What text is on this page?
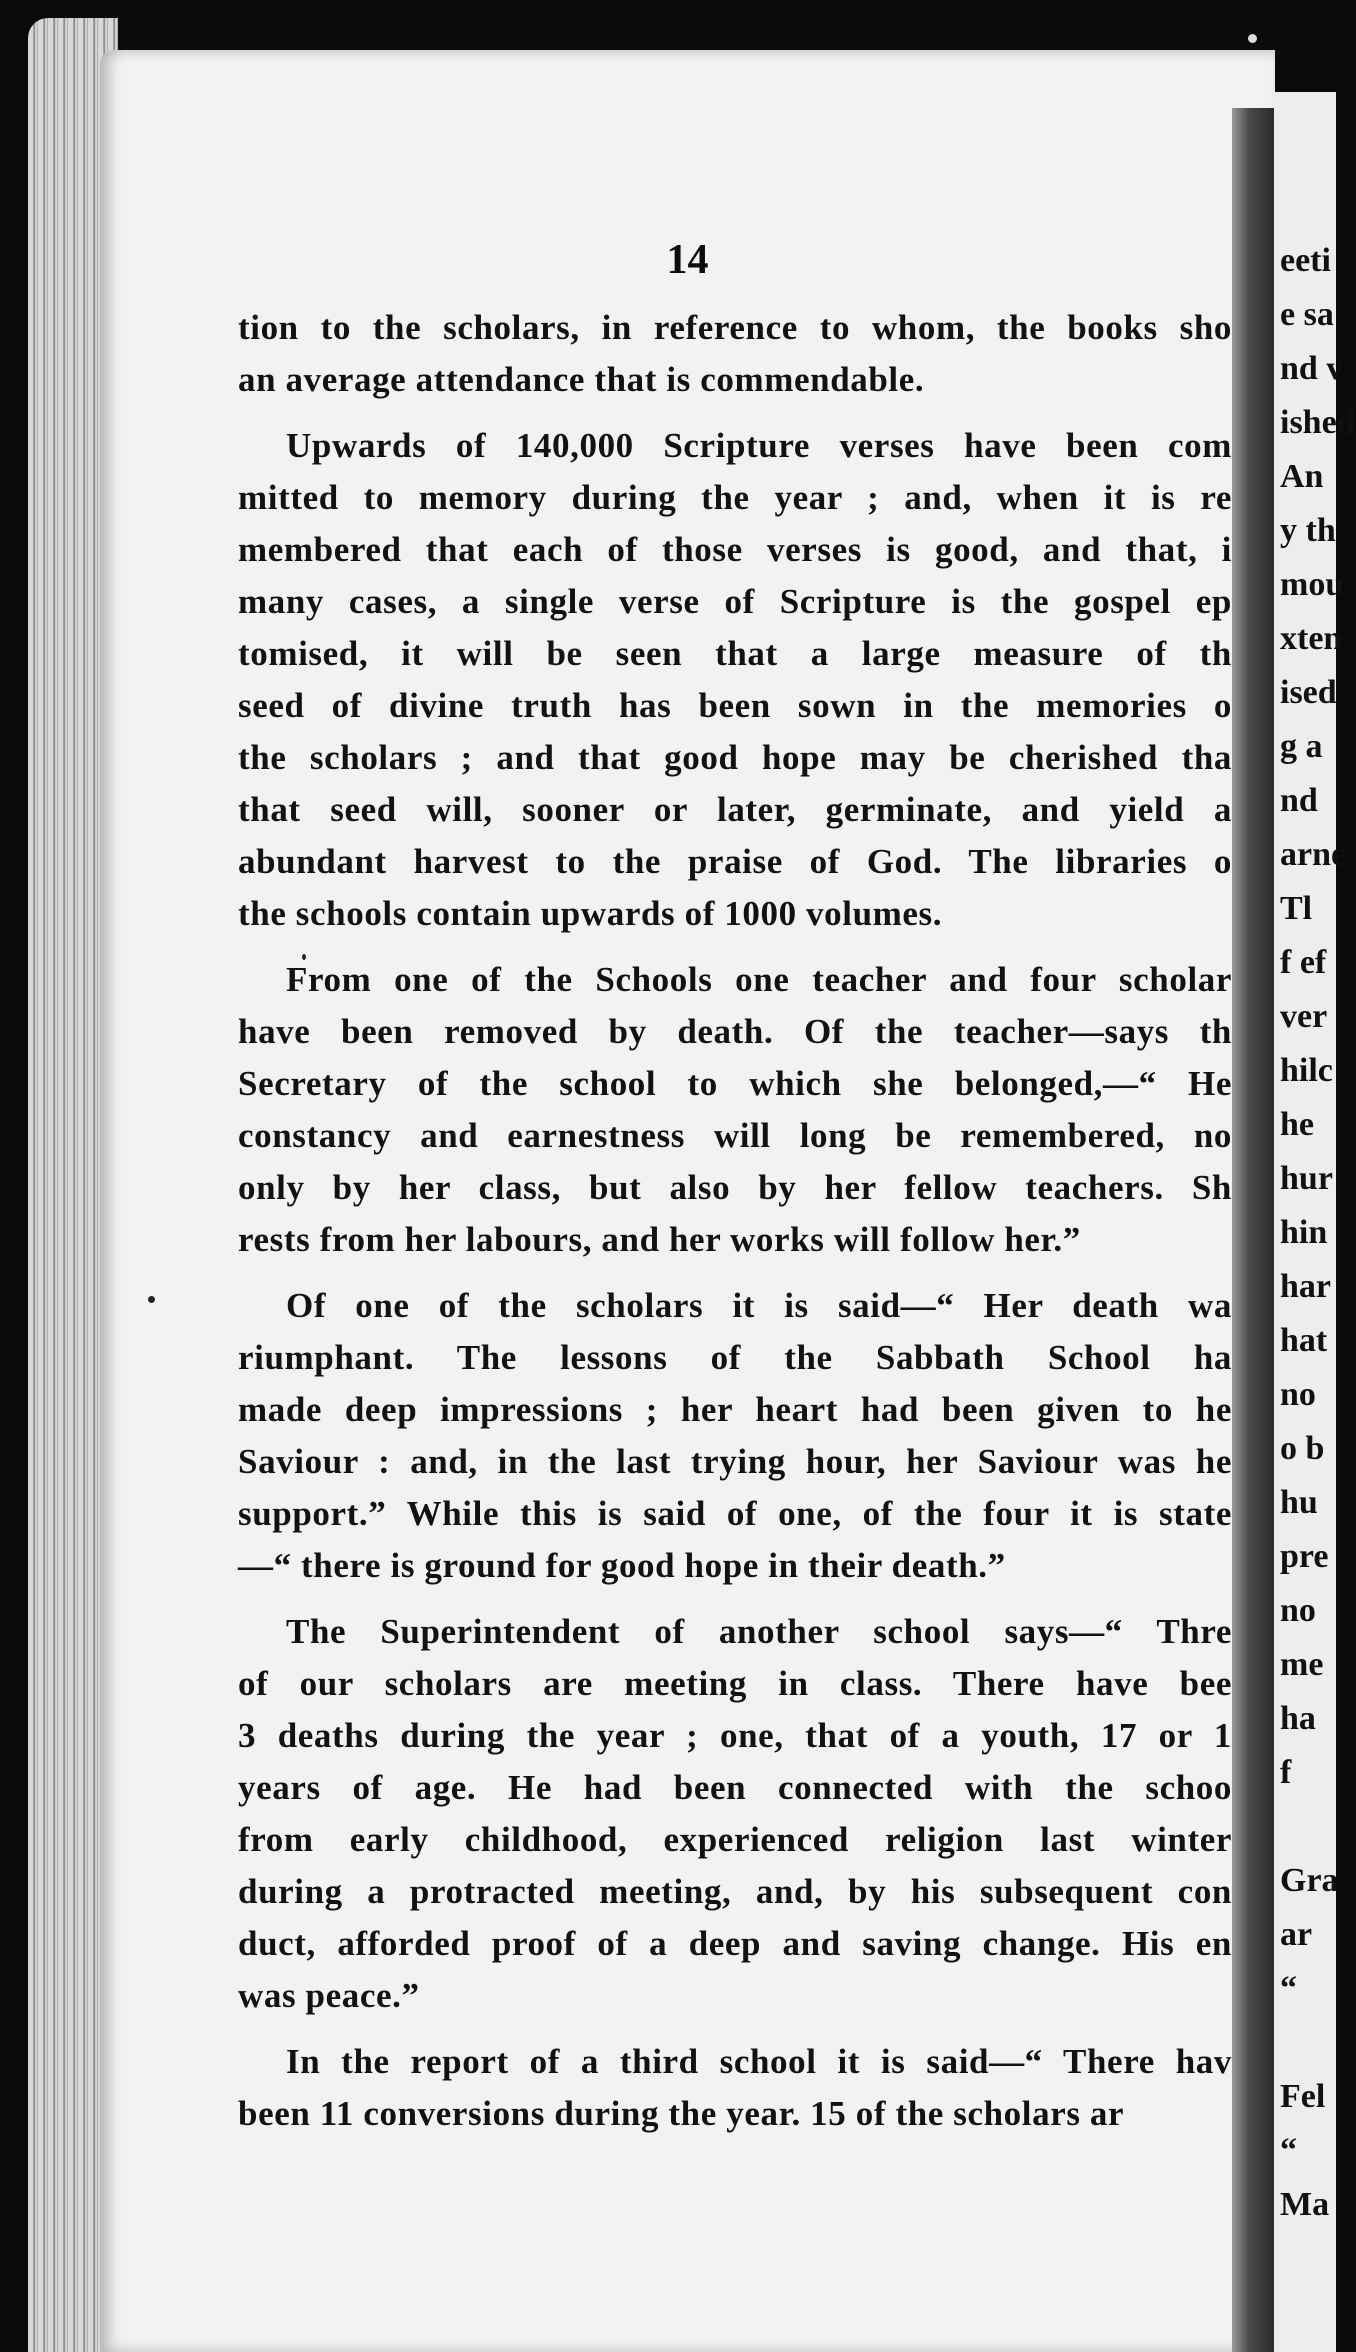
14
tion to the scholars, in reference to whom, the books sho
an average attendance that is commendable.
Upwards of 140,000 Scripture verses have been com
mitted to memory during the year ; and, when it is re
membered that each of those verses is good, and that, i
many cases, a single verse of Scripture is the gospel ep
tomised, it will be seen that a large measure of th
seed of divine truth has been sown in the memories o
the scholars ; and that good hope may be cherished tha
that seed will, sooner or later, germinate, and yield a
abundant harvest to the praise of God. The libraries o
the schools contain upwards of 1000 volumes.
From one of the Schools one teacher and four scholar
have been removed by death. Of the teacher—says th
Secretary of the school to which she belonged,—“ He
constancy and earnestness will long be remembered, no
only by her class, but also by her fellow teachers. Sh
rests from her labours, and her works will follow her.”
Of one of the scholars it is said—“ Her death wa
riumphant. The lessons of the Sabbath School ha
made deep impressions ; her heart had been given to he
Saviour : and, in the last trying hour, her Saviour was he
support.” While this is said of one, of the four it is state
—“ there is ground for good hope in their death.”
The Superintendent of another school says—“ Thre
of our scholars are meeting in class. There have bee
3 deaths during the year ; one, that of a youth, 17 or 1
years of age. He had been connected with the schoo
from early childhood, experienced religion last winter
during a protracted meeting, and, by his subsequent con
duct, afforded proof of a deep and saving change. His en
was peace.”
In the report of a third school it is said—“ There hav
been 11 conversions during the year. 15 of the scholars ar
eeti
e sa
nd v
ished
An
y th
mou
xten
ised
g a
nd
arne
Tl
f ef
ver
hilc
he
hur
hin
har
hat
no
o b
hu
pre
no
me
ha
f
Gra
ar
“
Fel
“
Ma
